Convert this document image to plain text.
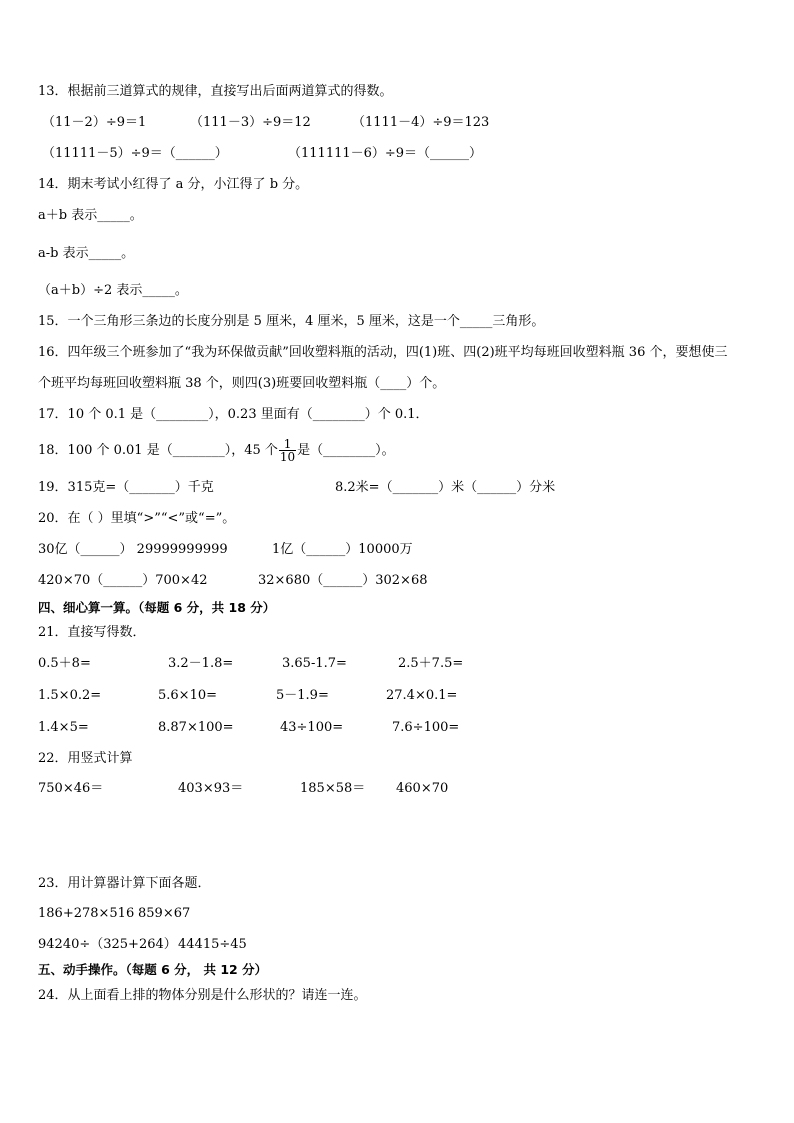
13．根据前三道算式的规律，直接写出后面两道算式的得数。
（11－2）÷9＝1	（111－3）÷9＝12	（1111－4）÷9＝123
（11111－5）÷9＝（______）	（111111－6）÷9＝（______）
14．期末考试小红得了 a 分，小江得了 b 分。
a＋b 表示_____。
a-b 表示_____。
（a＋b）÷2 表示_____。
15．一个三角形三条边的长度分别是 5 厘米，4 厘米，5 厘米，这是一个_____三角形。
16．四年级三个班参加了“我为环保做贡献”回收塑料瓶的活动，四(1)班、四(2)班平均每班回收塑料瓶 36 个，要想使三
个班平均每班回收塑料瓶 38 个，则四(3)班要回收塑料瓶（____）个。
17．10 个 0.1 是（________），0.23 里面有（________）个 0.1．
18．100 个 0.01 是（________），45 个 $\frac{1}{10}$ 是（________）。
19．315克=（_______）千克	8.2米=（_______）米（______）分米
20．在（ ）里填“>”“<”或“=”。
30亿（______） 29999999999	1亿（______）10000万
420×70（______）700×42	32×680（______）302×68
四、细心算一算。（每题 6 分，共 18 分）
21．直接写得数．
0.5＋8=	3.2－1.8=	3.65-1.7=	2.5＋7.5=
1.5×0.2=	5.6×10=	5－1.9=	27.4×0.1=
1.4×5=	8.87×100=	43÷100=	7.6÷100=
22．用竖式计算
750×46＝	403×93＝	185×58＝ 460×70
23．用计算器计算下面各题．
186+278×516 859×67
94240÷（325+264） 44415÷45
五、动手操作。（每题 6 分， 共 12 分）
24．从上面看上排的物体分别是什么形状的？请连一连。
